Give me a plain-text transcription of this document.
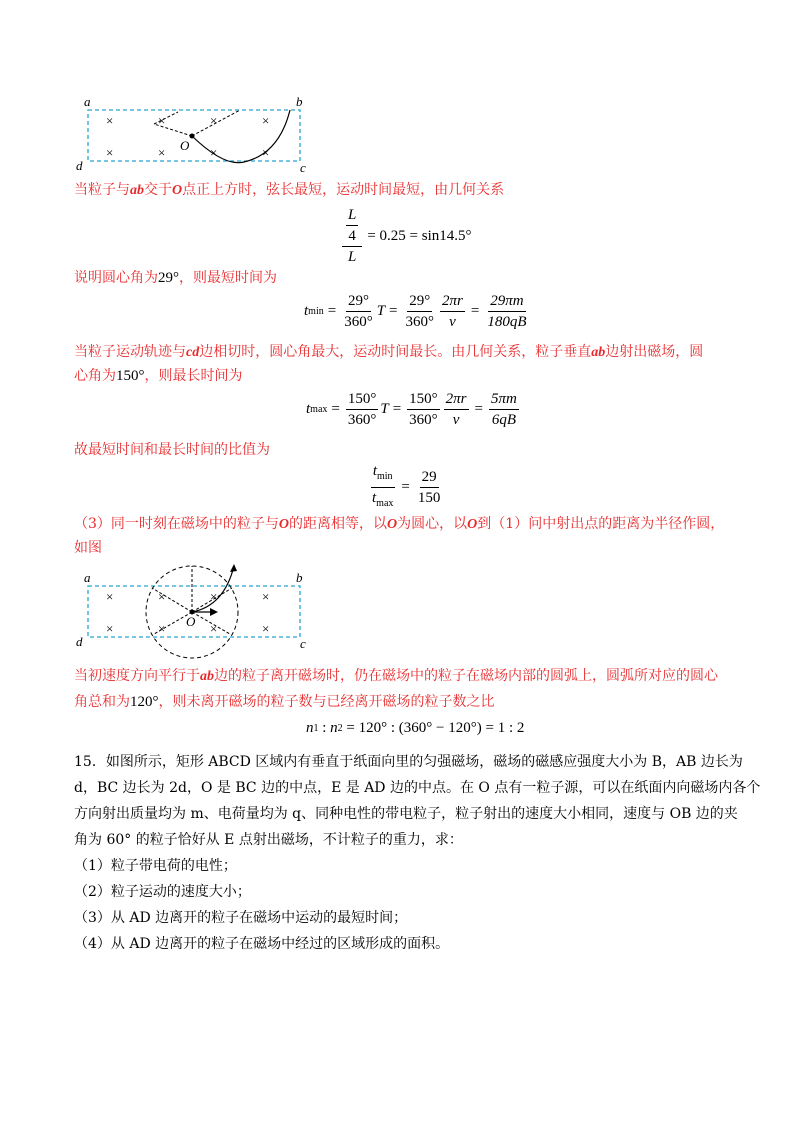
a	b
d	c
O
×	×	×	×
×	×	×	×
当粒子与ab交于O点正上方时，弦长最短，运动时间最短，由几何关系
$\frac{\frac{L}{4}}{L} = 0.25 = \sin 14.5^\circ$
说明圆心角为29°，则最短时间为
t $\min = \frac{29^\circ}{360^\circ}$ $T = \frac{29^\circ}{360^\circ} \frac{2\pi r}{v} = \frac{29\pi m}{180qB}$
当粒子运动轨迹与cd边相切时，圆心角最大，运动时间最长。由几何关系，粒子垂直ab边射出磁场，圆
心角为150°，则最长时间为
t $\max = \frac{150^\circ}{360^\circ}$ $T = \frac{150^\circ}{360^\circ} \frac{2\pi r}{v} = \frac{5\pi m}{6qB}$
故最短时间和最长时间的比值为
$\frac{t_{min}}{t_{max}} = \frac{29}{150}$
（3）同一时刻在磁场中的粒子与O的距离相等，以O为圆心，以O到（1）问中射出点的距离为半径作圆，
如图
a	b
d	c
O
×	×	×	×
×	×	×	×
当初速度方向平行于ab边的粒子离开磁场时，仍在磁场中的粒子在磁场内部的圆弧上，圆弧所对应的圆心
角总和为120°，则未离开磁场的粒子数与已经离开磁场的粒子数之比
n 1 : n 2 = 120° : (360° − 120°) = 1 : 2
15．如图所示，矩形 ABCD 区域内有垂直于纸面向里的匀强磁场，磁场的磁感应强度大小为 B，AB 边长为
d，BC 边长为 2d，O 是 BC 边的中点，E 是 AD 边的中点。在 O 点有一粒子源，可以在纸面内向磁场内各个
方向射出质量均为 m、电荷量均为 q、同种电性的带电粒子，粒子射出的速度大小相同，速度与 OB 边的夹
角为 60° 的粒子恰好从 E 点射出磁场，不计粒子的重力，求：
（1）粒子带电荷的电性；
（2）粒子运动的速度大小；
（3）从 AD 边离开的粒子在磁场中运动的最短时间；
（4）从 AD 边离开的粒子在磁场中经过的区域形成的面积。
